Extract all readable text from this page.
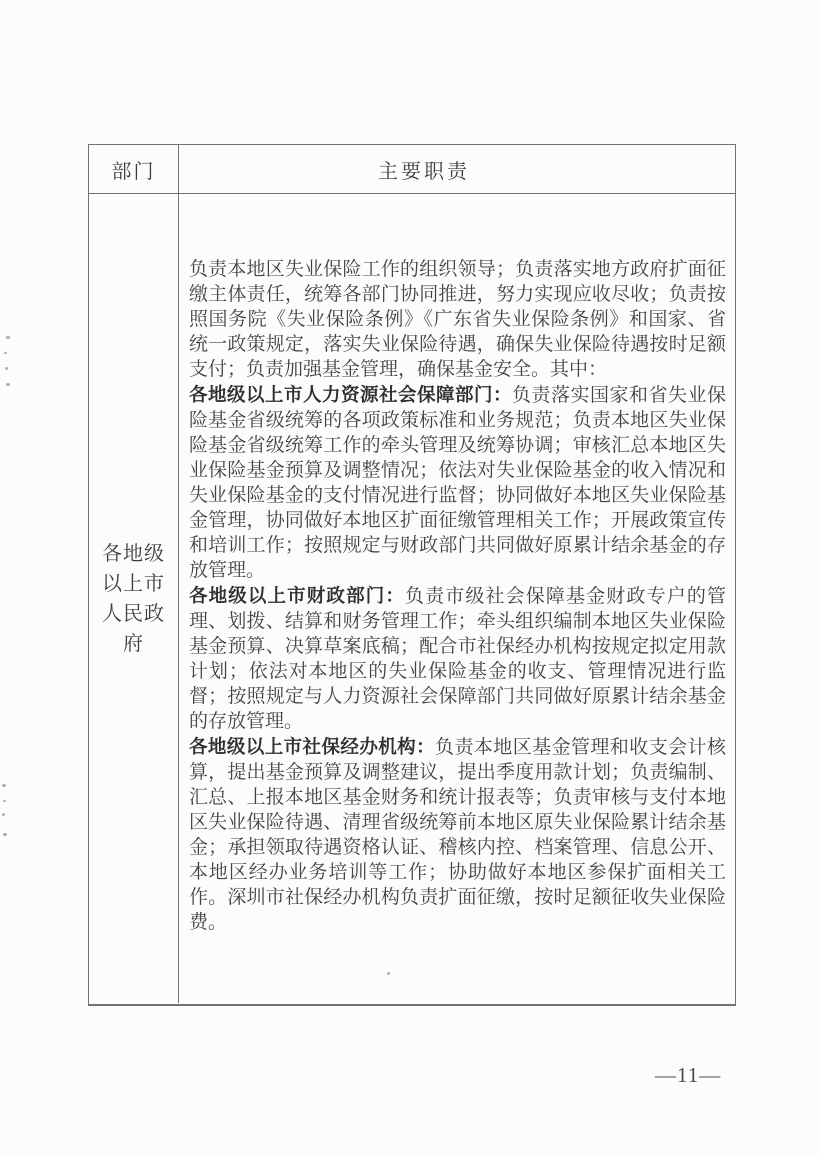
部门	主要职责
各地级以上市人民政府

负责本地区失业保险工作的组织领导；负责落实地方政府扩面征缴主体责任，统筹各部门协同推进，努力实现应收尽收；负责按照国务院《失业保险条例》《广东省失业保险条例》和国家、省统一政策规定，落实失业保险待遇，确保失业保险待遇按时足额支付；负责加强基金管理，确保基金安全。其中：

各地级以上市人力资源社会保障部门：负责落实国家和省失业保险基金省级统筹的各项政策标准和业务规范；负责本地区失业保险基金省级统筹工作的牵头管理及统筹协调；审核汇总本地区失业保险基金预算及调整情况；依法对失业保险基金的收入情况和失业保险基金的支付情况进行监督；协同做好本地区失业保险基金管理，协同做好本地区扩面征缴管理相关工作；开展政策宣传和培训工作；按照规定与财政部门共同做好原累计结余基金的存放管理。

各地级以上市财政部门：负责市级社会保障基金财政专户的管理、划拨、结算和财务管理工作；牵头组织编制本地区失业保险基金预算、决算草案底稿；配合市社保经办机构按规定拟定用款计划；依法对本地区的失业保险基金的收支、管理情况进行监督；按照规定与人力资源社会保障部门共同做好原累计结余基金的存放管理。

各地级以上市社保经办机构：负责本地区基金管理和收支会计核算，提出基金预算及调整建议，提出季度用款计划；负责编制、汇总、上报本地区基金财务和统计报表等；负责审核与支付本地区失业保险待遇、清理省级统筹前本地区原失业保险累计结余基金；承担领取待遇资格认证、稽核内控、档案管理、信息公开、本地区经办业务培训等工作；协助做好本地区参保扩面相关工作。深圳市社保经办机构负责扩面征缴，按时足额征收失业保险费。

—11—
